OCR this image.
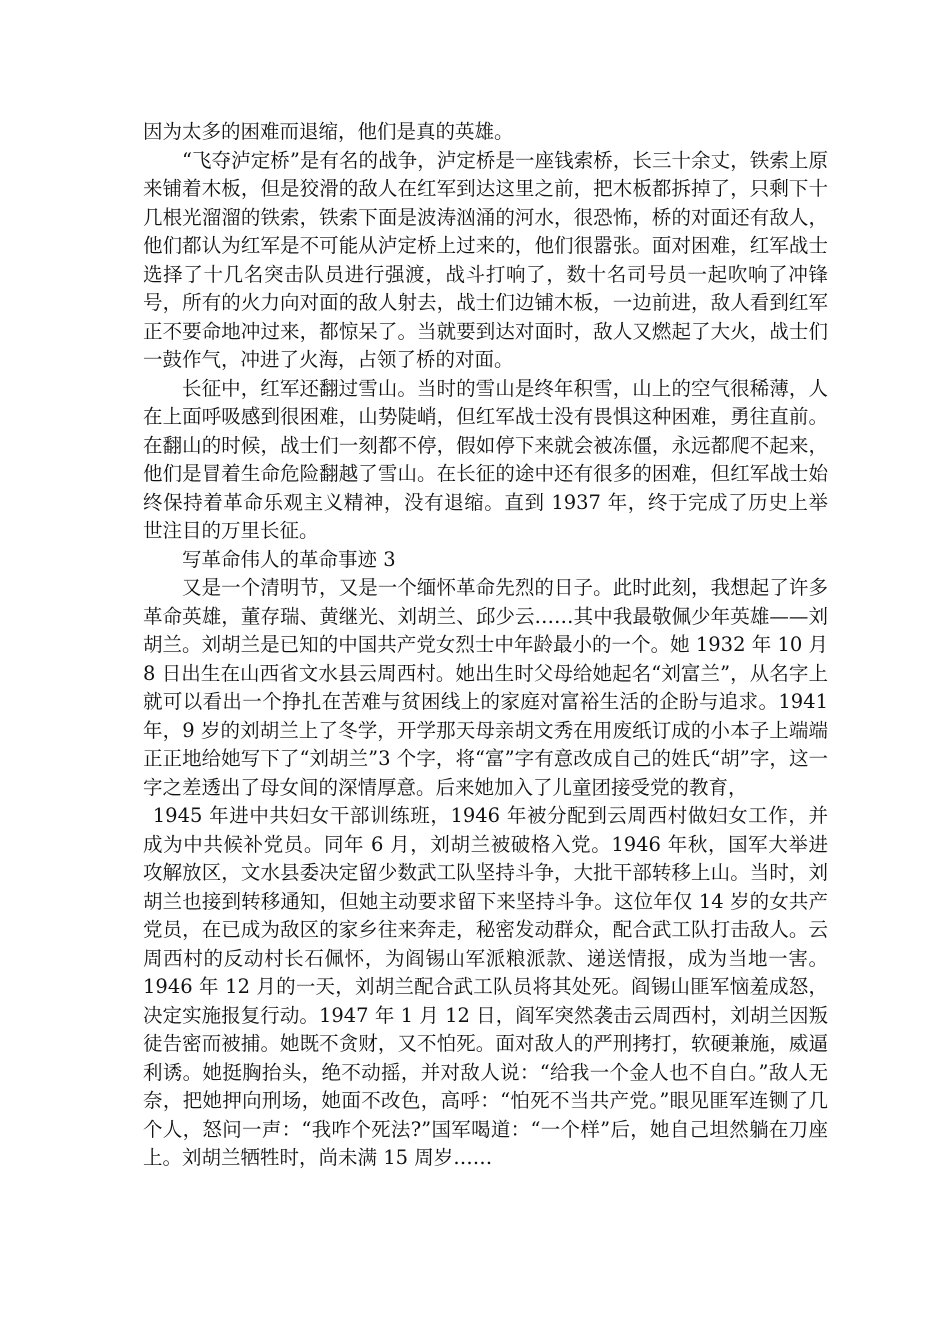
因为太多的困难而退缩，他们是真的英雄。

“飞夺泸定桥”是有名的战争，泸定桥是一座钱索桥，长三十余丈，铁索上原来铺着木板，但是狡滑的敌人在红军到达这里之前，把木板都拆掉了，只剩下十几根光溜溜的铁索，铁索下面是波涛汹涌的河水，很恐怖，桥的对面还有敌人，他们都认为红军是不可能从泸定桥上过来的，他们很嚣张。面对困难，红军战士选择了十几名突击队员进行强渡，战斗打响了，数十名司号员一起吹响了冲锋号，所有的火力向对面的敌人射去，战士们边铺木板，一边前进，敌人看到红军正不要命地冲过来，都惊呆了。当就要到达对面时，敌人又燃起了大火，战士们一鼓作气，冲进了火海，占领了桥的对面。

长征中，红军还翻过雪山。当时的雪山是终年积雪，山上的空气很稀薄，人在上面呼吸感到很困难，山势陡峭，但红军战士没有畏惧这种困难，勇往直前。在翻山的时候，战士们一刻都不停，假如停下来就会被冻僵，永远都爬不起来，他们是冒着生命危险翻越了雪山。在长征的途中还有很多的困难，但红军战士始终保持着革命乐观主义精神，没有退缩。直到 1937 年，终于完成了历史上举世注目的万里长征。

写革命伟人的革命事迹 3

又是一个清明节，又是一个缅怀革命先烈的日子。此时此刻，我想起了许多革命英雄，董存瑞、黄继光、刘胡兰、邱少云……其中我最敬佩少年英雄——刘胡兰。刘胡兰是已知的中国共产党女烈士中年龄最小的一个。她 1932 年 10 月 8 日出生在山西省文水县云周西村。她出生时父母给她起名“刘富兰”，从名字上就可以看出一个挣扎在苦难与贫困线上的家庭对富裕生活的企盼与追求。1941 年，9 岁的刘胡兰上了冬学，开学那天母亲胡文秀在用废纸订成的小本子上端端正正地给她写下了“刘胡兰”3 个字，将“富”字有意改成自己的姓氏“胡”字，这一字之差透出了母女间的深情厚意。后来她加入了儿童团接受党的教育，

1945 年进中共妇女干部训练班，1946 年被分配到云周西村做妇女工作，并成为中共候补党员。同年 6 月，刘胡兰被破格入党。1946 年秋，国军大举进攻解放区，文水县委决定留少数武工队坚持斗争，大批干部转移上山。当时，刘胡兰也接到转移通知，但她主动要求留下来坚持斗争。这位年仅 14 岁的女共产党员，在已成为敌区的家乡往来奔走，秘密发动群众，配合武工队打击敌人。云周西村的反动村长石佩怀，为阎锡山军派粮派款、递送情报，成为当地一害。1946 年 12 月的一天，刘胡兰配合武工队员将其处死。阎锡山匪军恼羞成怒，决定实施报复行动。1947 年 1 月 12 日，阎军突然袭击云周西村，刘胡兰因叛徒告密而被捕。她既不贪财，又不怕死。面对敌人的严刑拷打，软硬兼施，威逼利诱。她挺胸抬头，绝不动摇，并对敌人说：“给我一个金人也不自白。”敌人无奈，把她押向刑场，她面不改色，高呼：“怕死不当共产党。”眼见匪军连铡了几个人，怒问一声：“我咋个死法?”国军喝道：“一个样”后，她自己坦然躺在刀座上。刘胡兰牺牲时，尚未满 15 周岁……
